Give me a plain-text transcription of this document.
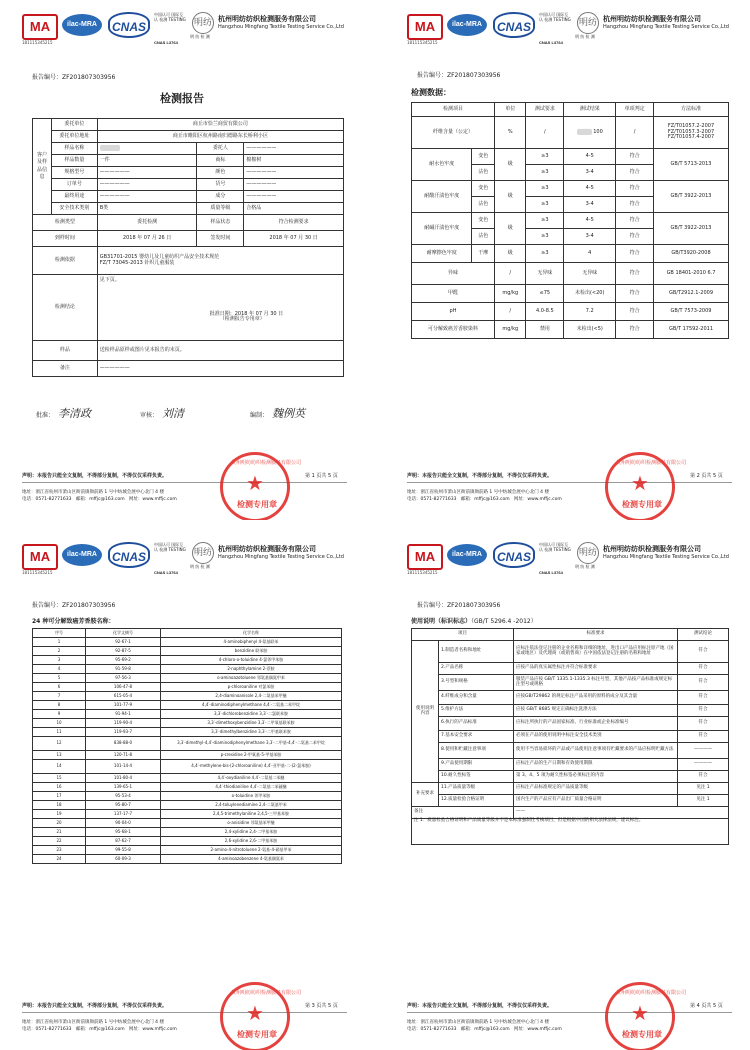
MA
181115345215
ilac-MRA	CNAS
中国认可 国际互认 检测 TESTING
CNAS L3764
明纺
明 纺 检 测
杭州明纺纺织检测服务有限公司
Hangzhou Mingfang Textile Testing Service Co.,Ltd
报告编号：ZF201807303956
检测报告
客户及样品信息	委托单位	商丘市恰兰商贸有限公司		
	委托单位地址	商丘市睢阳区杭州路南归德路东长桥利小区		
	样品名称	儿童外套	委托人	——————
	样品数量	一件	商标	棉棉树
	规格型号	——————	颜色	——————
	订单号	——————	货号	——————
	最终用途	——————	成分	——————
	安全技术类别	B类	质量等级	合格品
检测类型		委托检测	样品状态	符合检测要求
到样时间		2018 年 07 月 26 日	签发时间	2018 年 07 月 30 日
检测依据		GB31701-2015 婴幼儿及儿童纺织产品安全技术规范
FZ/T 73045-2013 针织儿童服装		

检测结论		见下页。
批准日期：2018 年 07 月 30 日
（检测报告专用章）		

样品		送检样品原样或图片见本报告的末页。		
备注		——————		
批准： 李清政	审核： 刘清	编制： 魏例英
声明：本报告只能全文复制，不得部分复制，不得仅仅采样负责。	第 1 页共 5 页
地址：浙江省杭州市萧山区衙前镇衙前路 1 号中纺城会展中心北门 4 楼
电话：0571-82771633 邮箱：mffjc@163.com 网址：www.mffjc.com
杭州明纺纺织检测服务有限公司
★
检测专用章
MA
181115345215
ilac-MRA	CNAS
中国认可 国际互认 检测 TESTING
CNAS L3764
明纺
明 纺 检 测
杭州明纺纺织检测服务有限公司
Hangzhou Mingfang Textile Testing Service Co.,Ltd
报告编号：ZF201807303956
检测数据：
检测项目		单位	测试要求	测试结果	单项判定	方法标准
纤维含量（公定）		%	/	主面料 100	/	FZ/T01057.2-2007
FZ/T01057.3-2007
FZ/T01057.4-2007

耐水色牢度	变色	级	≥3	4-5	符合	GB/T 5713-2013
	沾色		≥3	3-4	符合	
耐酸汗渍色牢度	变色	级	≥3	4-5	符合	GB/T 3922-2013
	沾色		≥3	3-4	符合	
耐碱汗渍色牢度	变色	级	≥3	4-5	符合	GB/T 3922-2013
	沾色		≥3	3-4	符合	
耐摩擦色牢度	干摩	级	≥3	4	符合	GB/T3920-2008
异味		/	无异味	无异味	符合	GB 18401-2010 6.7
甲醛		mg/kg	≤75	未检出(<20)	符合	GB/T2912.1-2009
pH		/	4.0-8.5	7.2	符合	GB/T 7573-2009
可分解致癌芳香胺染料		mg/kg	禁用	未检出(<5)	符合	GB/T 17592-2011
声明：本报告只能全文复制，不得部分复制，不得仅仅采样负责。	第 2 页共 5 页
地址：浙江省杭州市萧山区衙前镇衙前路 1 号中纺城会展中心北门 4 楼
电话：0571-82771633 邮箱：mffjc@163.com 网址：www.mffjc.com
杭州明纺纺织检测服务有限公司
★
检测专用章
MA
181115345215
ilac-MRA	CNAS
中国认可 国际互认 检测 TESTING
CNAS L3764
明纺
明 纺 检 测
杭州明纺纺织检测服务有限公司
Hangzhou Mingfang Textile Testing Service Co.,Ltd
报告编号：ZF201807303956
24 种可分解致癌芳香胺名称：
序号	化学文摘号	化学名称
1	92-67-1	4-aminobiphenyl 4-氨基联苯
2	92-87-5	benzidine 联苯胺
3	95-69-2	4-chloro-o-toluidine 4-氯邻甲苯胺
4	91-59-8	2-naphthylamine 2-萘胺
5	97-56-3	o-aminoazotoluene 邻氨基偶氮甲苯
6	106-47-8	p-chloroaniline 对氯苯胺
7	615-05-4	2,4-diaminoanisole 2,4-二氨基苯甲醚
8	101-77-9	4,4′-diaminodiphenylmethane 4,4′-二氨基二苯甲烷
9	91-94-1	3,3′-dichlorobenzidine 3,3′-二氯联苯胺
10	119-90-4	3,3′-dimethoxybenzidine 3,3′-二甲氧基联苯胺
11	119-93-7	3,3′-dimethylbenzidine 3,3′-二甲基联苯胺
12	838-88-0	3,3′-dimethyl-4,4′-diaminodiphenylmethane 3,3′-二甲基-4,4′-二氨基二苯甲烷
13	120-71-8	p-cresidine 2-甲氧基-5-甲基苯胺
14	101-14-4	4,4′-methylene-bis-(2-chloroaniline) 4,4′-亚甲基-二-(2-氯苯胺)
15	101-80-4	4,4′-oxydianiline 4,4′-二氨基二苯醚
16	139-65-1	4,4′-thiodianiline 4,4′-二氨基二苯硫醚
17	95-53-4	o-toluidine 邻甲苯胺
18	95-80-7	2,4-toluylenediamine 2,4-二氨基甲苯
19	137-17-7	2,4,5-trimethylaniline 2,4,5-三甲基苯胺
20	90-04-0	o-anisidine 邻氨基苯甲醚
21	95-68-1	2,4-xylidine 2,4-二甲基苯胺
22	87-62-7	2,6-xylidine 2,6-二甲基苯胺
23	99-55-8	2-amino-4-nitrotoluene 2-氨基-4-硝基甲苯
24	60-09-3	4-aminoazobenzene 4-氨基偶氮苯
声明：本报告只能全文复制，不得部分复制，不得仅仅采样负责。	第 3 页共 5 页
地址：浙江省杭州市萧山区衙前镇衙前路 1 号中纺城会展中心北门 4 楼
电话：0571-82771633 邮箱：mffjc@163.com 网址：www.mffjc.com
杭州明纺纺织检测服务有限公司
★
检测专用章
MA
181115345215
ilac-MRA	CNAS
中国认可 国际互认 检测 TESTING
CNAS L3764
明纺
明 纺 检 测
杭州明纺纺织检测服务有限公司
Hangzhou Mingfang Textile Testing Service Co.,Ltd
报告编号：ZF201807303956
使用说明（标识标志）（GB/T 5296.4 -2012）
项目		标准要求	测试结论
使用说明内容	1.制造者名称和地址	应标注依法登记注册的企业名称和详细的地址，进出口产品应用标注原产地（国家或地区）及代理商（或销售商）在中国依法登记注册的名称和地址	符合
	2.产品名称	应按产品的真实属性标注并符合标准要求	符合
	3.号型和规格	服装产品应按 GB/T 1335.1-1335.3 标注号型，其他产品按产品标准或规定标注型号或规格	符合
	4.纤维成分和含量	应按GB/T29862 的规定标注产品采用的原料的成分及其含量	符合
	5.维护方法	应按 GB/T 8685 规定正确标注洗涤方法	符合
	6.执行的产品标准	应标注所执行的产品国家标准、行业标准或企业标准编号	符合
	7.基本安全要求	必须在产品的使用说明中标注安全技术类别	符合
	8.使用和贮藏注意事项	使用不当容易损坏的产品或产品使用注意事项有贮藏要求的产品应标明贮藏方法	————
	9.产品使用期限	应标注产品的生产日期和有效使用期限	————
	10.耐久性标签	第 3、4、5 项为耐久性标签必须标注的内容	符合
补充要求	11.产品质量等级	应标注产品标准规定的产品质量等级	见注 1
	12.质量检验合格证明	国内生产的产品应有产品出厂质量合格证明	见注 1
备注		——	
注 1：质量检验合格证明和产品质量等级并不是本标准强制性考核项目，但是根据中国的相关法律法规，建议标注。			
声明：本报告只能全文复制，不得部分复制，不得仅仅采样负责。	第 4 页共 5 页
地址：浙江省杭州市萧山区衙前镇衙前路 1 号中纺城会展中心北门 4 楼
电话：0571-82771633 邮箱：mffjc@163.com 网址：www.mffjc.com
杭州明纺纺织检测服务有限公司
★
检测专用章
